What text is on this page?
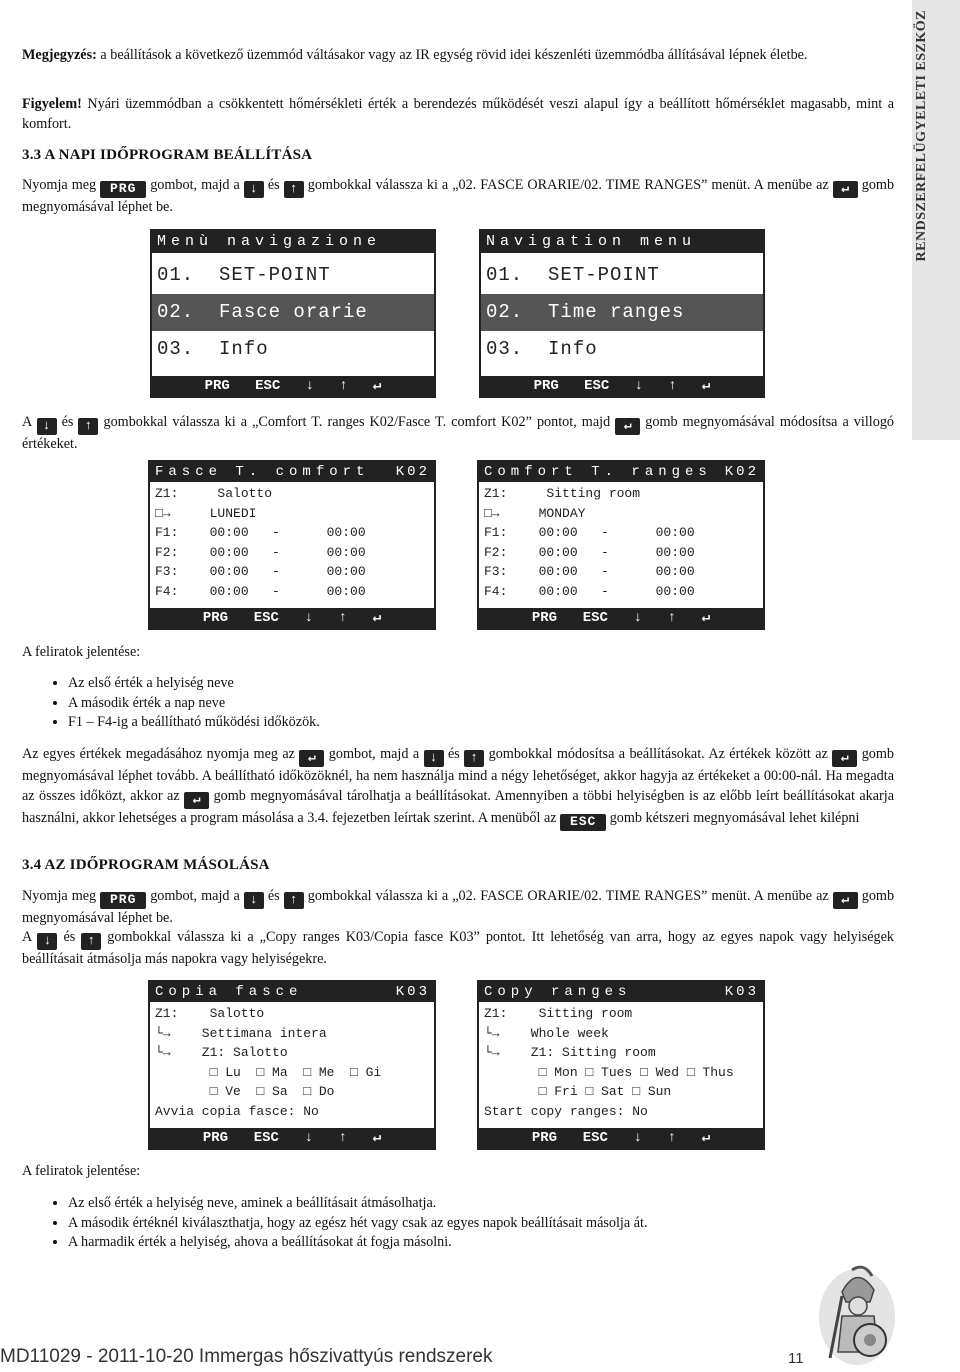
RENDSZERFELÜGYELETI ESZKÖZ
Megjegyzés: a beállítások a következő üzemmód váltásakor vagy az IR egység rövid idei készenléti üzemmódba állításával lépnek életbe.
Figyelem! Nyári üzemmódban a csökkentett hőmérsékleti érték a berendezés működését veszi alapul így a beállított hőmérséklet magasabb, mint a komfort.
3.3 A NAPI IDŐPROGRAM BEÁLLÍTÁSA
Nyomja meg PRG gombot, majd a ↓ és ↑ gombokkal válassza ki a „02. FASCE ORARIE/02. TIME RANGES” menüt. A menübe az ↵ gomb megnyomásával léphet be.
Menù navigazione
01.  SET-POINT
02.  Fasce orarie
03.  Info
PRG ESC ↓ ↑ ↵
Navigation menu
01.  SET-POINT
02.  Time ranges
03.  Info
PRG ESC ↓ ↑ ↵
A ↓ és ↑ gombokkal válassza ki a „Comfort T. ranges K02/Fasce T. comfort K02” pontot, majd ↵ gomb megnyomásával módosítsa a villogó értékeket.
Fasce T. comfort K02
Z1:     Salotto
□→     LUNEDI
F1:    00:00   -      00:00
F2:    00:00   -      00:00
F3:    00:00   -      00:00
F4:    00:00   -      00:00
PRG ESC ↓ ↑ ↵
Comfort T. ranges K02
Z1:     Sitting room
□→     MONDAY
F1:    00:00   -      00:00
F2:    00:00   -      00:00
F3:    00:00   -      00:00
F4:    00:00   -      00:00
PRG ESC ↓ ↑ ↵
A feliratok jelentése:
• Az első érték a helyiség neve
• A második érték a nap neve
• F1 – F4-ig a beállítható működési időközök.
Az egyes értékek megadásához nyomja meg az ↵ gombot, majd a ↓ és ↑ gombokkal módosítsa a beállításokat. Az értékek között az ↵ gomb megnyomásával léphet tovább. A beállítható időközöknél, ha nem használja mind a négy lehetőséget, akkor hagyja az értékeket a 00:00-nál. Ha megadta az összes időközt, akkor az ↵ gomb megnyomásával tárolhatja a beállításokat. Amennyiben a többi helyiségben is az előbb leírt beállításokat akarja használni, akkor lehetséges a program másolása a 3.4. fejezetben leírtak szerint. A menüből az ESC gomb kétszeri megnyomásával lehet kilépni
3.4 AZ IDŐPROGRAM MÁSOLÁSA
Nyomja meg PRG gombot, majd a ↓ és ↑ gombokkal válassza ki a „02. FASCE ORARIE/02. TIME RANGES” menüt. A menübe az ↵ gomb megnyomásával léphet be.
A ↓ és ↑ gombokkal válassza ki a „Copy ranges K03/Copia fasce K03” pontot. Itt lehetőség van arra, hogy az egyes napok vagy helyiségek beállításait átmásolja más napokra vagy helyiségekre.
Copia fasce	K03
Z1:    Salotto
└→    Settimana intera
└→    Z1: Salotto
□ Lu  □ Ma  □ Me  □ Gi
□ Ve  □ Sa  □ Do
Avvia copia fasce: No
PRG ESC ↓ ↑ ↵
Copy ranges	K03
Z1:    Sitting room
└→    Whole week
└→    Z1: Sitting room
□ Mon □ Tues □ Wed □ Thus
□ Fri □ Sat □ Sun
Start copy ranges: No
PRG ESC ↓ ↑ ↵
A feliratok jelentése:
• Az első érték a helyiség neve, aminek a beállításait átmásolhatja.
• A második értéknél kiválaszthatja, hogy az egész hét vagy csak az egyes napok beállításait másolja át.
• A harmadik érték a helyiség, ahova a beállításokat át fogja másolni.
MD11029 - 2011-10-20 Immergas hőszivattyús rendszerek	11
